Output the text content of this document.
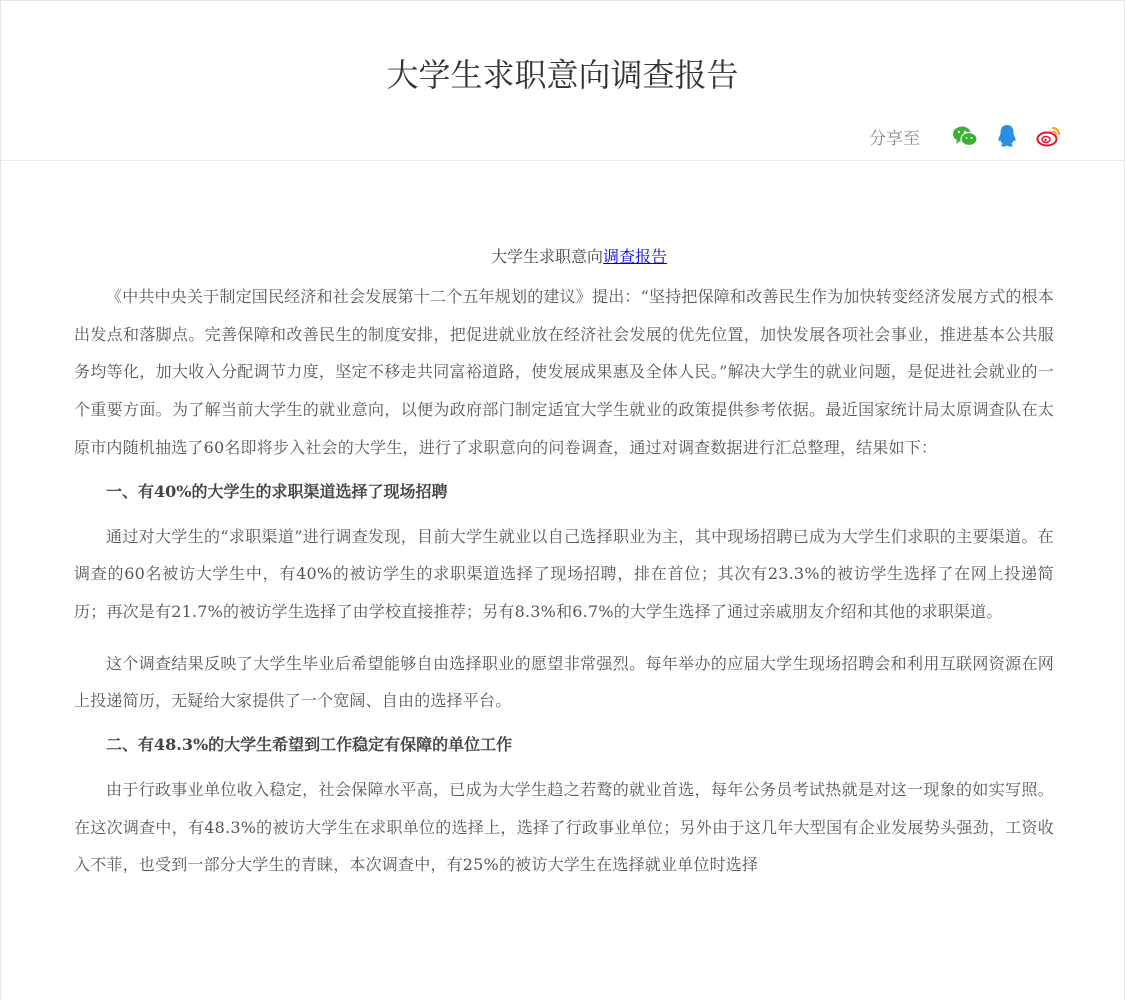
大学生求职意向调查报告
分享至
大学生求职意向调查报告

《中共中央关于制定国民经济和社会发展第十二个五年规划的建议》提出：“坚持把保障和改善民生作为加快转变经济发展方式的根本出发点和落脚点。完善保障和改善民生的制度安排，把促进就业放在经济社会发展的优先位置，加快发展各项社会事业，推进基本公共服务均等化，加大收入分配调节力度，坚定不移走共同富裕道路，使发展成果惠及全体人民。”解决大学生的就业问题，是促进社会就业的一个重要方面。为了解当前大学生的就业意向，以便为政府部门制定适宜大学生就业的政策提供参考依据。最近国家统计局太原调查队在太原市内随机抽选了60名即将步入社会的大学生，进行了求职意向的问卷调查，通过对调查数据进行汇总整理，结果如下：

一、有40%的大学生的求职渠道选择了现场招聘

通过对大学生的“求职渠道”进行调查发现，目前大学生就业以自己选择职业为主，其中现场招聘已成为大学生们求职的主要渠道。在调查的60名被访大学生中，有40%的被访学生的求职渠道选择了现场招聘，排在首位；其次有23.3%的被访学生选择了在网上投递简历；再次是有21.7%的被访学生选择了由学校直接推荐；另有8.3%和6.7%的大学生选择了通过亲戚朋友介绍和其他的求职渠道。

这个调查结果反映了大学生毕业后希望能够自由选择职业的愿望非常强烈。每年举办的应届大学生现场招聘会和利用互联网资源在网上投递简历，无疑给大家提供了一个宽阔、自由的选择平台。

二、有48.3%的大学生希望到工作稳定有保障的单位工作

由于行政事业单位收入稳定，社会保障水平高，已成为大学生趋之若鹜的就业首选，每年公务员考试热就是对这一现象的如实写照。在这次调查中，有48.3%的被访大学生在求职单位的选择上，选择了行政事业单位；另外由于这几年大型国有企业发展势头强劲，工资收入不菲，也受到一部分大学生的青睐，本次调查中，有25%的被访大学生在选择就业单位时选择
